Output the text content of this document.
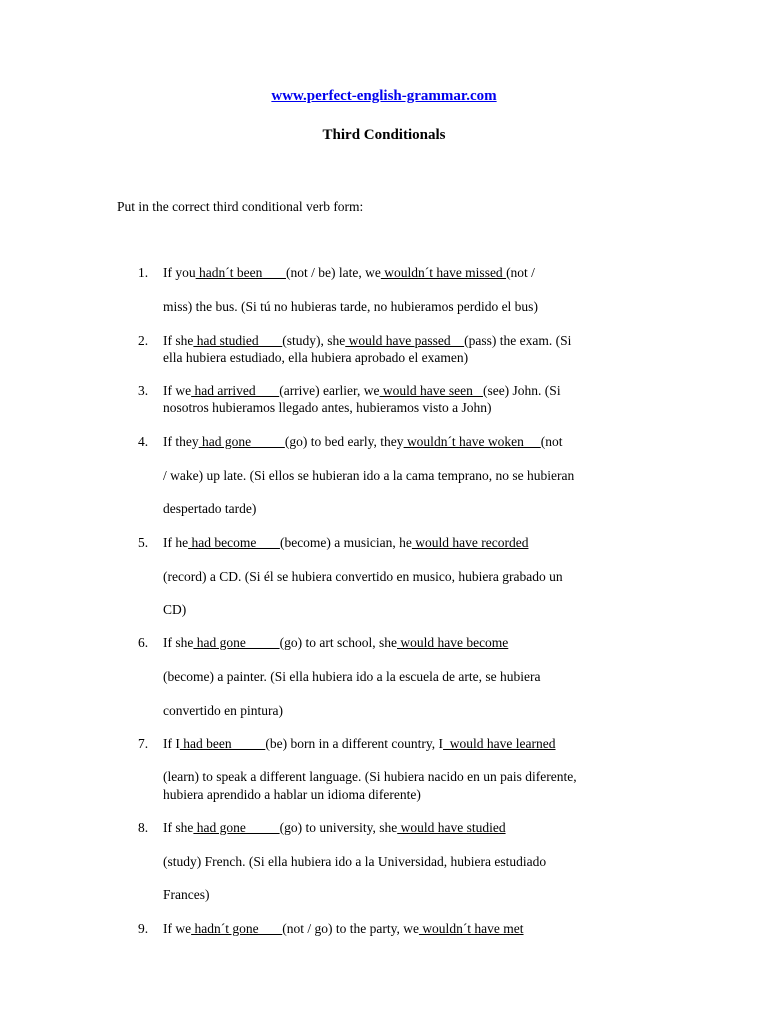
www.perfect-english-grammar.com
Third Conditionals
Put in the correct third conditional verb form:
1. If you hadn´t been       (not / be) late, we wouldn´t have missed (not /
miss) the bus. (Si tú no hubieras tarde, no hubieramos perdido el bus)
2. If she had studied       (study), she would have passed    (pass) the exam. (Si
ella hubiera estudiado, ella hubiera aprobado el examen)
3. If we had arrived       (arrive) earlier, we would have seen   (see) John. (Si
nosotros hubieramos llegado antes, hubieramos visto a John)
4. If they had gone          (go) to bed early, they wouldn´t have woken     (not
/ wake) up late. (Si ellos se hubieran ido a la cama temprano, no se hubieran
despertado tarde)
5. If he had become       (become) a musician, he would have recorded
(record) a CD. (Si él se hubiera convertido en musico, hubiera grabado un
CD)
6. If she had gone          (go) to art school, she would have become
(become) a painter. (Si ella hubiera ido a la escuela de arte, se hubiera
convertido en pintura)
7. If I had been          (be) born in a different country, I  would have learned
(learn) to speak a different language. (Si hubiera nacido en un pais diferente,
hubiera aprendido a hablar un idioma diferente)
8. If she had gone          (go) to university, she would have studied
(study) French. (Si ella hubiera ido a la Universidad, hubiera estudiado
Frances)
9. If we hadn´t gone       (not / go) to the party, we wouldn´t have met
